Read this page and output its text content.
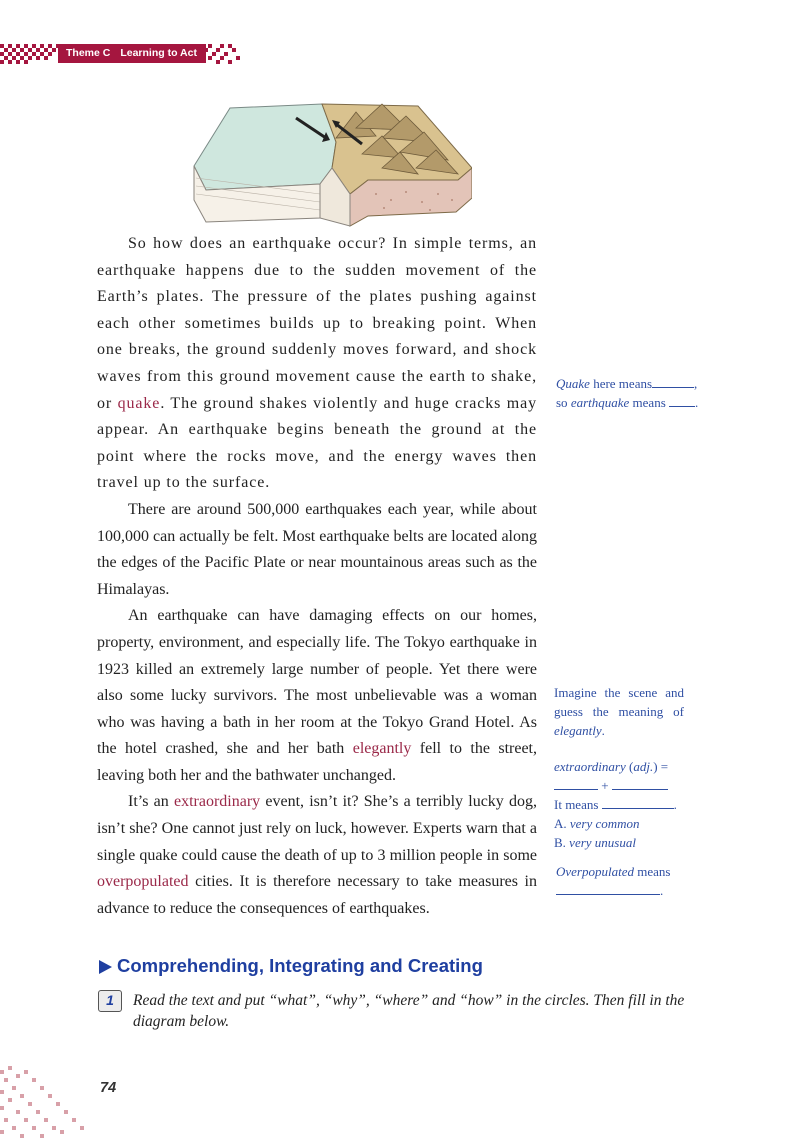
Theme C Learning to Act

So how does an earthquake occur? In simple terms, an earthquake happens due to the sudden movement of the Earth’s plates. The pressure of the plates pushing against each other sometimes builds up to breaking point. When one breaks, the ground suddenly moves forward, and shock waves from this ground movement cause the earth to shake, or quake. The ground shakes violently and huge cracks may appear. An earthquake begins beneath the ground at the point where the rocks move, and the energy waves then travel up to the surface.

There are around 500,000 earthquakes each year, while about 100,000 can actually be felt. Most earthquake belts are located along the edges of the Pacific Plate or near mountainous areas such as the Himalayas.

An earthquake can have damaging effects on our homes, property, environment, and especially life. The Tokyo earthquake in 1923 killed an extremely large number of people. Yet there were also some lucky survivors. The most unbelievable was a woman who was having a bath in her room at the Tokyo Grand Hotel. As the hotel crashed, she and her bath elegantly fell to the street, leaving both her and the bathwater unchanged.

It’s an extraordinary event, isn’t it? She’s a terribly lucky dog, isn’t she? One cannot just rely on luck, however. Experts warn that a single quake could cause the death of up to 3 million people in some overpopulated cities. It is therefore necessary to take measures in advance to reduce the consequences of earthquakes.

Quake here means	,
so earthquake means .
Imagine the scene and guess the meaning of elegantly.
extraordinary (adj.) =
+
It means	.
A. very common
B. very unusual
Overpopulated means
.
Comprehending, Integrating and Creating
1	Read the text and put “what”, “why”, “where” and “how” in the circles. Then fill in the diagram below.
74
